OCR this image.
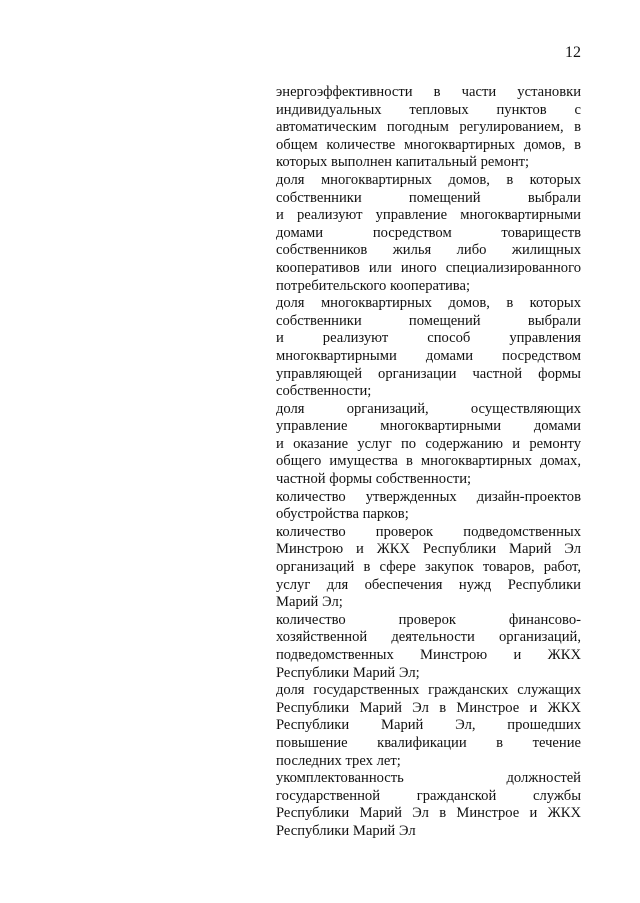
12
энергоэффективности в части установки
индивидуальных тепловых пунктов с
автоматическим погодным регулированием, в
общем количестве многоквартирных домов, в
которых выполнен капитальный ремонт;
доля многоквартирных домов, в которых
собственники помещений выбрали
и реализуют управление многоквартирными
домами посредством товариществ
собственников жилья либо жилищных
кооперативов или иного специализированного
потребительского кооператива;
доля многоквартирных домов, в которых
собственники помещений выбрали
и реализуют способ управления
многоквартирными домами посредством
управляющей организации частной формы
собственности;
доля организаций, осуществляющих
управление многоквартирными домами
и оказание услуг по содержанию и ремонту
общего имущества в многоквартирных домах,
частной формы собственности;
количество утвержденных дизайн-проектов
обустройства парков;
количество проверок подведомственных
Минстрою и ЖКХ Республики Марий Эл
организаций в сфере закупок товаров, работ,
услуг для обеспечения нужд Республики
Марий Эл;
количество проверок финансово-
хозяйственной деятельности организаций,
подведомственных Минстрою и ЖКХ
Республики Марий Эл;
доля государственных гражданских служащих
Республики Марий Эл в Минстрое и ЖКХ
Республики Марий Эл, прошедших
повышение квалификации в течение
последних трех лет;
укомплектованность должностей
государственной гражданской службы
Республики Марий Эл в Минстрое и ЖКХ
Республики Марий Эл
